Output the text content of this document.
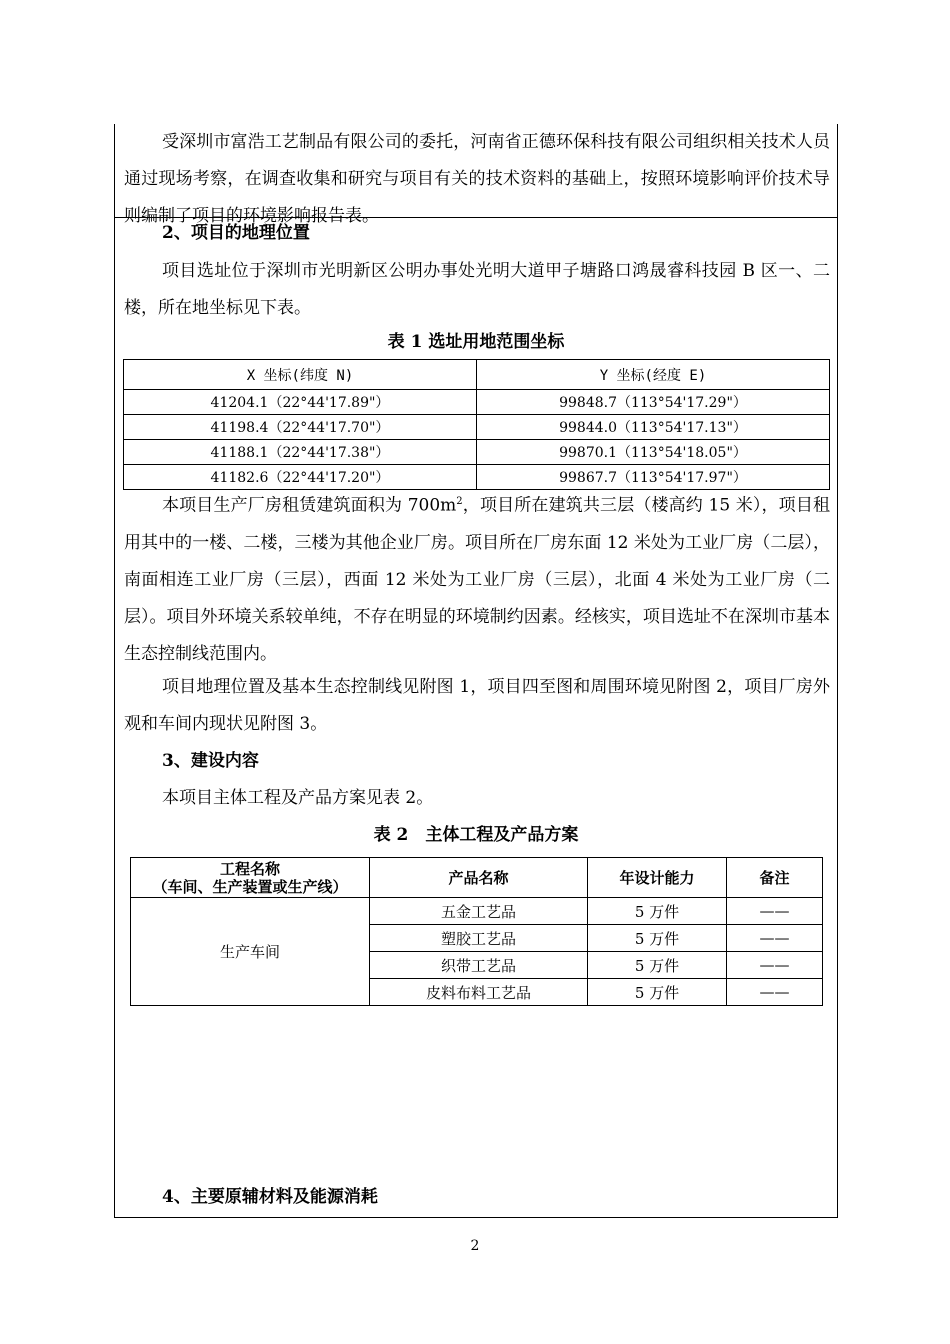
受深圳市富浩工艺制品有限公司的委托，河南省正德环保科技有限公司组织相关技术人员通过现场考察，在调查收集和研究与项目有关的技术资料的基础上，按照环境影响评价技术导则编制了项目的环境影响报告表。

2、项目的地理位置

项目选址位于深圳市光明新区公明办事处光明大道甲子塘路口鸿晟睿科技园 B 区一、二楼，所在地坐标见下表。

表 1 选址用地范围坐标

X 坐标(纬度 N)	Y 坐标(经度 E)
41204.1（22°44'17.89"）	99848.7（113°54'17.29"）
41198.4（22°44'17.70"）	99844.0（113°54'17.13"）
41188.1（22°44'17.38"）	99870.1（113°54'18.05"）
41182.6（22°44'17.20"）	99867.7（113°54'17.97"）

本项目生产厂房租赁建筑面积为 $700m^2$，项目所在建筑共三层（楼高约 15 米），项目租用其中的一楼、二楼，三楼为其他企业厂房。项目所在厂房东面 12 米处为工业厂房（二层），南面相连工业厂房（三层），西面 12 米处为工业厂房（三层），北面 4 米处为工业厂房（二层）。项目外环境关系较单纯，不存在明显的环境制约因素。经核实，项目选址不在深圳市基本生态控制线范围内。

项目地理位置及基本生态控制线见附图 1，项目四至图和周围环境见附图 2，项目厂房外观和车间内现状见附图 3。

3、建设内容

本项目主体工程及产品方案见表 2。

表 2　主体工程及产品方案

工程名称
（车间、生产装置或生产线）	产品名称	年设计能力	备注
生产车间	五金工艺品	5 万件	——
	塑胶工艺品	5 万件	——
	织带工艺品	5 万件	——
	皮料布料工艺品	5 万件	——

4、主要原辅材料及能源消耗

2
